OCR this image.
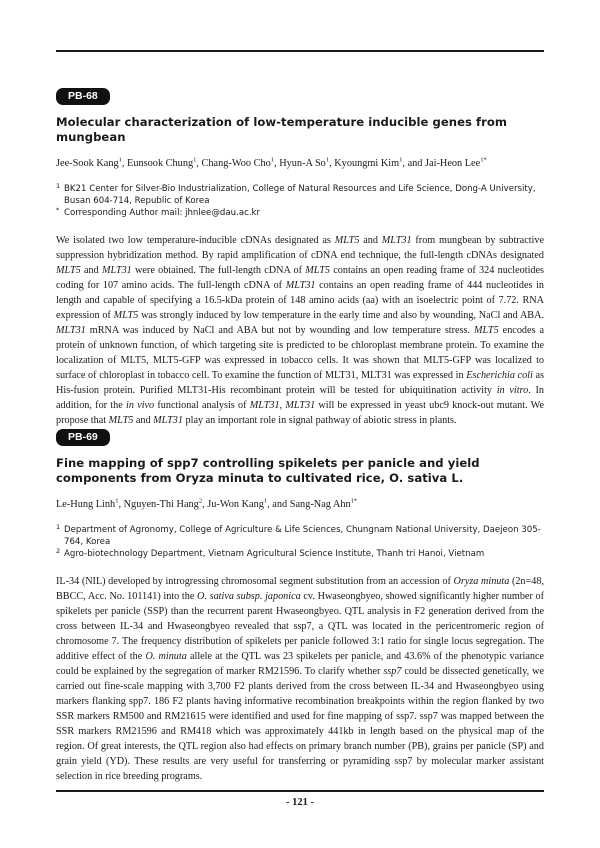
PB-68
Molecular characterization of low-temperature inducible genes from mungbean
Jee-Sook Kang$^1$, Eunsook Chung$^1$, Chang-Woo Cho$^1$, Hyun-A So$^1$, Kyoungmi Kim$^1$, and Jai-Heon Lee$^{1*}$
1 BK21 Center for Silver-Bio Industrialization, College of Natural Resources and Life Science, Dong-A University, Busan 604-714, Republic of Korea
* Corresponding Author mail: jhnlee@dau.ac.kr
We isolated two low temperature-inducible cDNAs designated as MLT5 and MLT31 from mungbean by subtractive suppression hybridization method. By rapid amplification of cDNA end technique, the full-length cDNAs designated MLT5 and MLT31 were obtained. The full-length cDNA of MLT5 contains an open reading frame of 324 nucleotides coding for 107 amino acids. The full-length cDNA of MLT31 contains an open reading frame of 444 nucleotides in length and capable of specifying a 16.5-kDa protein of 148 amino acids (aa) with an isoelectric point of 7.72. RNA expression of MLT5 was strongly induced by low temperature in the early time and also by wounding, NaCl and ABA. MLT31 mRNA was induced by NaCl and ABA but not by wounding and low temperature stress. MLT5 encodes a protein of unknown function, of which targeting site is predicted to be chloroplast membrane protein. To examine the localization of MLT5, MLT5-GFP was expressed in tobacco cells. It was shown that MLT5-GFP was localized to surface of chloroplast in tobacco cell. To examine the function of MLT31, MLT31 was expressed in Escherichia coli as His-fusion protein. Purified MLT31-His recombinant protein will be tested for ubiquitination activity in vitro. In addition, for the in vivo functional analysis of MLT31, MLT31 will be expressed in yeast ubc9 knock-out mutant. We propose that MLT5 and MLT31 play an important role in signal pathway of abiotic stress in plants.
PB-69
Fine mapping of spp7 controlling spikelets per panicle and yield components from Oryza minuta to cultivated rice, O. sativa L.
Le-Hung Linh$^1$, Nguyen-Thi Hang$^2$, Ju-Won Kang$^1$, and Sang-Nag Ahn$^{1*}$
1 Department of Agronomy, College of Agriculture & Life Sciences, Chungnam National University, Daejeon 305-764, Korea
2 Agro-biotechnology Department, Vietnam Agricultural Science Institute, Thanh tri Hanoi, Vietnam
IL-34 (NIL) developed by introgressing chromosomal segment substitution from an accession of Oryza minuta (2n=48, BBCC, Acc. No. 101141) into the O. sativa subsp. japonica cv. Hwaseongbyeo, showed significantly higher number of spikelets per panicle (SSP) than the recurrent parent Hwaseongbyeo. QTL analysis in F2 generation derived from the cross between IL-34 and Hwaseongbyeo revealed that ssp7, a QTL was located in the pericentromeric region of chromosome 7. The frequency distribution of spikelets per panicle followed 3:1 ratio for single locus segregation. The additive effect of the O. minuta allele at the QTL was 23 spikelets per panicle, and 43.6% of the phenotypic variance could be explained by the segregation of marker RM21596. To clarify whether ssp7 could be dissected genetically, we carried out fine-scale mapping with 3,700 F2 plants derived from the cross between IL-34 and Hwaseongbyeo using markers flanking spp7. 186 F2 plants having informative recombination breakpoints within the region flanked by two SSR markers RM500 and RM21615 were identified and used for fine mapping of ssp7. ssp7 was mapped between the SSR markers RM21596 and RM418 which was approximately 441kb in length based on the physical map of the region. Of great interests, the QTL region also had effects on primary branch number (PB), grains per panicle (SP) and grain yield (YD). These results are very useful for transferring or pyramiding ssp7 by molecular marker assistant selection in rice breeding programs.
- 121 -
